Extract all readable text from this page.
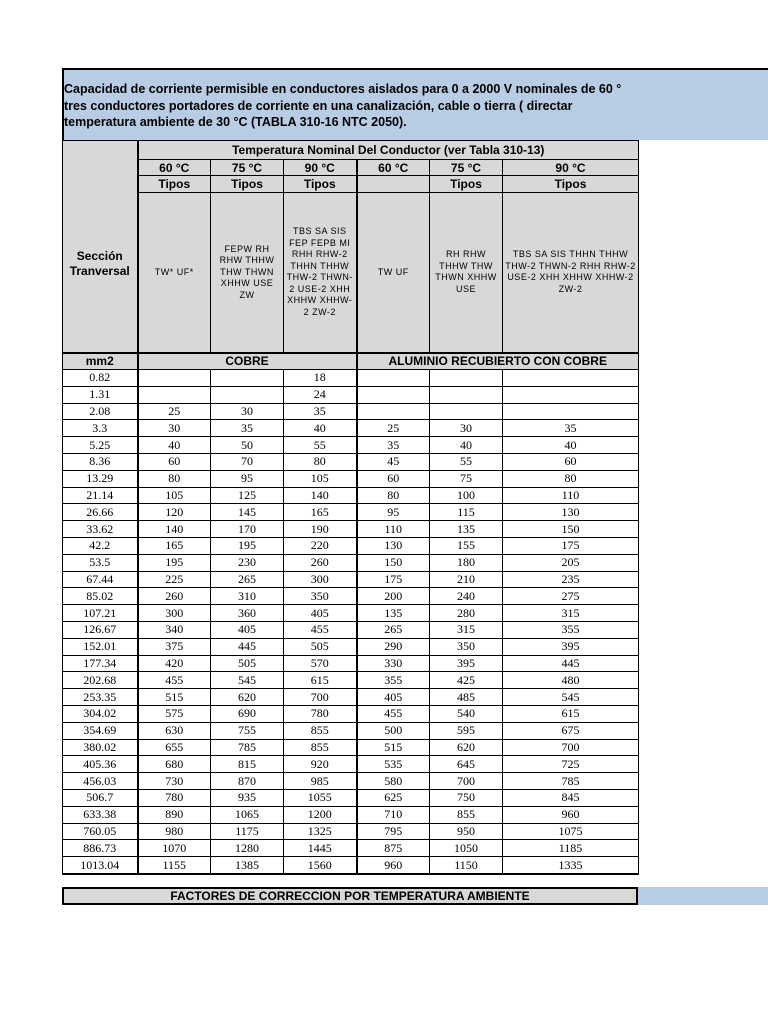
Capacidad de corriente permisible en conductores aislados para 0 a 2000 V nominales de 60 °
tres conductores portadores de corriente en una canalización, cable o tierra ( directar
temperatura ambiente de 30 °C (TABLA 310-16 NTC 2050).
Sección Tranversal	Temperatura Nominal Del Conductor (ver Tabla 310-13)					
	60 °C	75 °C	90 °C	60 °C	75 °C	90 °C
	Tipos	Tipos	Tipos		Tipos	Tipos
	TW* UF*	FEPW RH RHW THHW THW THWN XHHW USE ZW	TBS SA SIS FEP FEPB MI RHH RHW-2 THHN THHW THW-2 THWN-2 USE-2 XHH XHHW XHHW-2 ZW-2	TW UF	RH RHW THHW THW THWN XHHW USE	TBS SA SIS THHN THHW THW-2 THWN-2 RHH RHW-2 USE-2 XHH XHHW XHHW-2 ZW-2
mm2	COBRE			ALUMINIO RECUBIERTO CON COBRE		
0.82			18			
1.31			24			
2.08	25	30	35			
3.3	30	35	40	25	30	35
5.25	40	50	55	35	40	40
8.36	60	70	80	45	55	60
13.29	80	95	105	60	75	80
21.14	105	125	140	80	100	110
26.66	120	145	165	95	115	130
33.62	140	170	190	110	135	150
42.2	165	195	220	130	155	175
53.5	195	230	260	150	180	205
67.44	225	265	300	175	210	235
85.02	260	310	350	200	240	275
107.21	300	360	405	135	280	315
126.67	340	405	455	265	315	355
152.01	375	445	505	290	350	395
177.34	420	505	570	330	395	445
202.68	455	545	615	355	425	480
253.35	515	620	700	405	485	545
304.02	575	690	780	455	540	615
354.69	630	755	855	500	595	675
380.02	655	785	855	515	620	700
405.36	680	815	920	535	645	725
456.03	730	870	985	580	700	785
506.7	780	935	1055	625	750	845
633.38	890	1065	1200	710	855	960
760.05	980	1175	1325	795	950	1075
886.73	1070	1280	1445	875	1050	1185
1013.04	1155	1385	1560	960	1150	1335
FACTORES DE CORRECCION POR TEMPERATURA AMBIENTE
